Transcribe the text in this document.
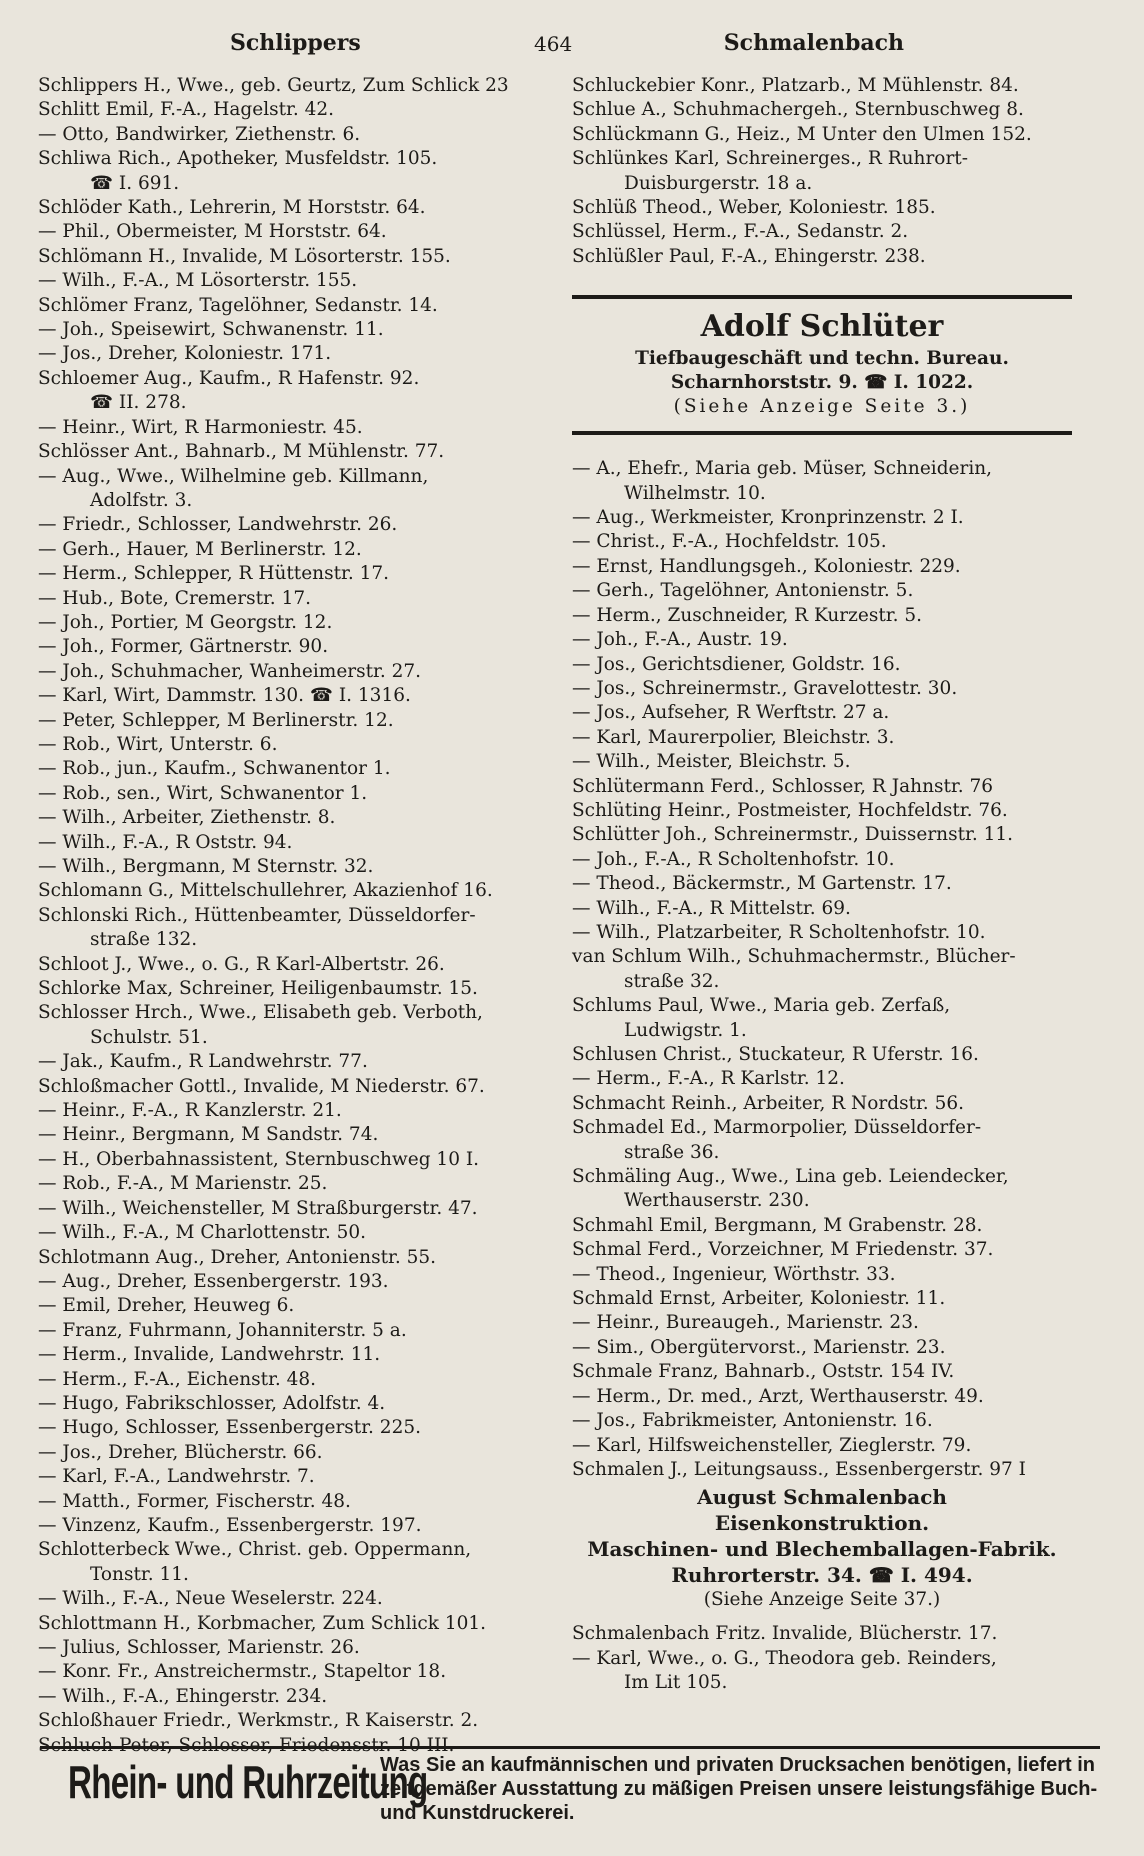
Schlippers	464	Schmalenbach
Schlippers H., Wwe., geb. Geurtz, Zum Schlick 23
Schlitt Emil, F.-A., Hagelstr. 42.
— Otto, Bandwirker, Ziethenstr. 6.
Schliwa Rich., Apotheker, Musfeldstr. 105.
☎ I. 691.
Schlöder Kath., Lehrerin, M Horststr. 64.
— Phil., Obermeister, M Horststr. 64.
Schlömann H., Invalide, M Lösorterstr. 155.
— Wilh., F.-A., M Lösorterstr. 155.
Schlömer Franz, Tagelöhner, Sedanstr. 14.
— Joh., Speisewirt, Schwanenstr. 11.
— Jos., Dreher, Koloniestr. 171.
Schloemer Aug., Kaufm., R Hafenstr. 92.
☎ II. 278.
— Heinr., Wirt, R Harmoniestr. 45.
Schlösser Ant., Bahnarb., M Mühlenstr. 77.
— Aug., Wwe., Wilhelmine geb. Killmann,
Adolfstr. 3.
— Friedr., Schlosser, Landwehrstr. 26.
— Gerh., Hauer, M Berlinerstr. 12.
— Herm., Schlepper, R Hüttenstr. 17.
— Hub., Bote, Cremerstr. 17.
— Joh., Portier, M Georgstr. 12.
— Joh., Former, Gärtnerstr. 90.
— Joh., Schuhmacher, Wanheimerstr. 27.
— Karl, Wirt, Dammstr. 130. ☎ I. 1316.
— Peter, Schlepper, M Berlinerstr. 12.
— Rob., Wirt, Unterstr. 6.
— Rob., jun., Kaufm., Schwanentor 1.
— Rob., sen., Wirt, Schwanentor 1.
— Wilh., Arbeiter, Ziethenstr. 8.
— Wilh., F.-A., R Oststr. 94.
— Wilh., Bergmann, M Sternstr. 32.
Schlomann G., Mittelschullehrer, Akazienhof 16.
Schlonski Rich., Hüttenbeamter, Düsseldorfer-
straße 132.
Schloot J., Wwe., o. G., R Karl-Albertstr. 26.
Schlorke Max, Schreiner, Heiligenbaumstr. 15.
Schlosser Hrch., Wwe., Elisabeth geb. Verboth,
Schulstr. 51.
— Jak., Kaufm., R Landwehrstr. 77.
Schloßmacher Gottl., Invalide, M Niederstr. 67.
— Heinr., F.-A., R Kanzlerstr. 21.
— Heinr., Bergmann, M Sandstr. 74.
— H., Oberbahnassistent, Sternbuschweg 10 I.
— Rob., F.-A., M Marienstr. 25.
— Wilh., Weichensteller, M Straßburgerstr. 47.
— Wilh., F.-A., M Charlottenstr. 50.
Schlotmann Aug., Dreher, Antonienstr. 55.
— Aug., Dreher, Essenbergerstr. 193.
— Emil, Dreher, Heuweg 6.
— Franz, Fuhrmann, Johanniterstr. 5 a.
— Herm., Invalide, Landwehrstr. 11.
— Herm., F.-A., Eichenstr. 48.
— Hugo, Fabrikschlosser, Adolfstr. 4.
— Hugo, Schlosser, Essenbergerstr. 225.
— Jos., Dreher, Blücherstr. 66.
— Karl, F.-A., Landwehrstr. 7.
— Matth., Former, Fischerstr. 48.
— Vinzenz, Kaufm., Essenbergerstr. 197.
Schlotterbeck Wwe., Christ. geb. Oppermann,
Tonstr. 11.
— Wilh., F.-A., Neue Weselerstr. 224.
Schlottmann H., Korbmacher, Zum Schlick 101.
— Julius, Schlosser, Marienstr. 26.
— Konr. Fr., Anstreichermstr., Stapeltor 18.
— Wilh., F.-A., Ehingerstr. 234.
Schloßhauer Friedr., Werkmstr., R Kaiserstr. 2.
Schluch Peter, Schlosser, Friedensstr. 10 III.
Schluckebier Konr., Platzarb., M Mühlenstr. 84.
Schlue A., Schuhmachergeh., Sternbuschweg 8.
Schlückmann G., Heiz., M Unter den Ulmen 152.
Schlünkes Karl, Schreinerges., R Ruhrort-
Duisburgerstr. 18 a.
Schlüß Theod., Weber, Koloniestr. 185.
Schlüssel, Herm., F.-A., Sedanstr. 2.
Schlüßler Paul, F.-A., Ehingerstr. 238.
Adolf Schlüter
Tiefbaugeschäft und techn. Bureau.
Scharnhorststr. 9. ☎ I. 1022.
(Siehe Anzeige Seite 3.)
— A., Ehefr., Maria geb. Müser, Schneiderin,
Wilhelmstr. 10.
— Aug., Werkmeister, Kronprinzenstr. 2 I.
— Christ., F.-A., Hochfeldstr. 105.
— Ernst, Handlungsgeh., Koloniestr. 229.
— Gerh., Tagelöhner, Antonienstr. 5.
— Herm., Zuschneider, R Kurzestr. 5.
— Joh., F.-A., Austr. 19.
— Jos., Gerichtsdiener, Goldstr. 16.
— Jos., Schreinermstr., Gravelottestr. 30.
— Jos., Aufseher, R Werftstr. 27 a.
— Karl, Maurerpolier, Bleichstr. 3.
— Wilh., Meister, Bleichstr. 5.
Schlütermann Ferd., Schlosser, R Jahnstr. 76
Schlüting Heinr., Postmeister, Hochfeldstr. 76.
Schlütter Joh., Schreinermstr., Duissernstr. 11.
— Joh., F.-A., R Scholtenhofstr. 10.
— Theod., Bäckermstr., M Gartenstr. 17.
— Wilh., F.-A., R Mittelstr. 69.
— Wilh., Platzarbeiter, R Scholtenhofstr. 10.
van Schlum Wilh., Schuhmachermstr., Blücher-
straße 32.
Schlums Paul, Wwe., Maria geb. Zerfaß,
Ludwigstr. 1.
Schlusen Christ., Stuckateur, R Uferstr. 16.
— Herm., F.-A., R Karlstr. 12.
Schmacht Reinh., Arbeiter, R Nordstr. 56.
Schmadel Ed., Marmorpolier, Düsseldorfer-
straße 36.
Schmäling Aug., Wwe., Lina geb. Leiendecker,
Werthauserstr. 230.
Schmahl Emil, Bergmann, M Grabenstr. 28.
Schmal Ferd., Vorzeichner, M Friedenstr. 37.
— Theod., Ingenieur, Wörthstr. 33.
Schmald Ernst, Arbeiter, Koloniestr. 11.
— Heinr., Bureaugeh., Marienstr. 23.
— Sim., Obergütervorst., Marienstr. 23.
Schmale Franz, Bahnarb., Oststr. 154 IV.
— Herm., Dr. med., Arzt, Werthauserstr. 49.
— Jos., Fabrikmeister, Antonienstr. 16.
— Karl, Hilfsweichensteller, Zieglerstr. 79.
Schmalen J., Leitungsauss., Essenbergerstr. 97 I
August Schmalenbach
Eisenkonstruktion.
Maschinen- und Blechemballagen-Fabrik.
Ruhrorterstr. 34. ☎ I. 494.
(Siehe Anzeige Seite 37.)
Schmalenbach Fritz. Invalide, Blücherstr. 17.
— Karl, Wwe., o. G., Theodora geb. Reinders,
Im Lit 105.
Rhein- und Ruhrzeitung
Was Sie an kaufmännischen und privaten Drucksachen benötigen, liefert in zeitgemäßer Ausstattung zu mäßigen Preisen unsere leistungsfähige Buch- und Kunstdruckerei.
